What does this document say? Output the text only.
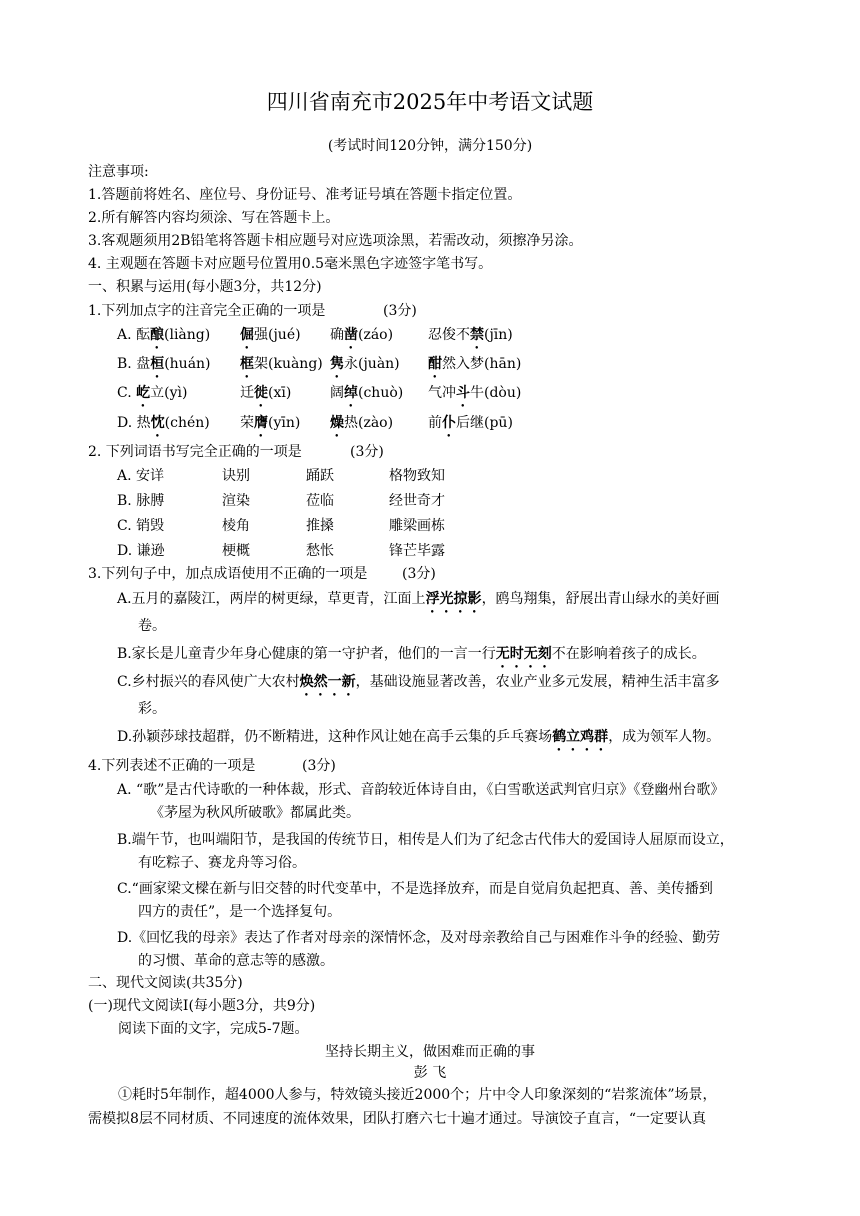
四川省南充市2025年中考语文试题
(考试时间120分钟，满分150分)
注意事项:
1.答题前将姓名、座位号、身份证号、准考证号填在答题卡指定位置。
2.所有解答内容均须涂、写在答题卡上。
3.客观题须用2B铅笔将答题卡相应题号对应选项涂黑，若需改动，须擦净另涂。
4. 主观题在答题卡对应题号位置用0.5毫米黑色字迹签字笔书写。
一、积累与运用(每小题3分，共12分)
1.下列加点字的注音完全正确的一项是	(3分)
A. 酝酿(liàng) 倔强(jué) 确凿(záo) 忍俊不禁(jīn)
B. 盘桓(huán) 框架(kuàng) 隽永(juàn) 酣然入梦(hān)
C. 屹立(yì)	迁徙(xī)	阔绰(chuò) 气冲斗牛(dòu)
D. 热忱(chén) 荣膺(yīn) 燥热(zào) 前仆后继(pū)
2. 下列词语书写完全正确的一项是	(3分)
A. 安详	诀别	踊跃	格物致知
B. 脉膊	渲染	莅临	经世奇才
C. 销毁	棱角	推搡	雕梁画栋
D. 谦逊	梗概	愁怅	锋芒毕露
3.下列句子中，加点成语使用不正确的一项是 (3分)
A.五月的嘉陵江，两岸的树更绿，草更青，江面上浮光掠影，鸥鸟翔集，舒展出青山绿水的美好画
卷。
B.家长是儿童青少年身心健康的第一守护者，他们的一言一行无时无刻不在影响着孩子的成长。
C.乡村振兴的春风使广大农村焕然一新，基础设施显著改善，农业产业多元发展，精神生活丰富多
彩。
D.孙颖莎球技超群，仍不断精进，这种作风让她在高手云集的乒乓赛场鹤立鸡群，成为领军人物。
4.下列表述不正确的一项是	(3分)
A. “歌”是古代诗歌的一种体裁，形式、音韵较近体诗自由，《白雪歌送武判官归京》《登幽州台歌》
《茅屋为秋风所破歌》都属此类。
B.端午节，也叫端阳节，是我国的传统节日，相传是人们为了纪念古代伟大的爱国诗人屈原而设立，
有吃粽子、赛龙舟等习俗。
C.“画家梁文樑在新与旧交替的时代变革中，不是选择放弃，而是自觉肩负起把真、善、美传播到
四方的责任”，是一个选择复句。
D.《回忆我的母亲》表达了作者对母亲的深情怀念，及对母亲教给自己与困难作斗争的经验、勤劳
的习惯、革命的意志等的感激。
二、现代文阅读(共35分)
(一)现代文阅读I(每小题3分，共9分)
阅读下面的文字，完成5-7题。
坚持长期主义，做困难而正确的事
彭 飞
①耗时5年制作，超4000人参与，特效镜头接近2000个；片中令人印象深刻的“岩浆流体”场景，
需模拟8层不同材质、不同速度的流体效果，团队打磨六七十遍才通过。导演饺子直言，“一定要认真
